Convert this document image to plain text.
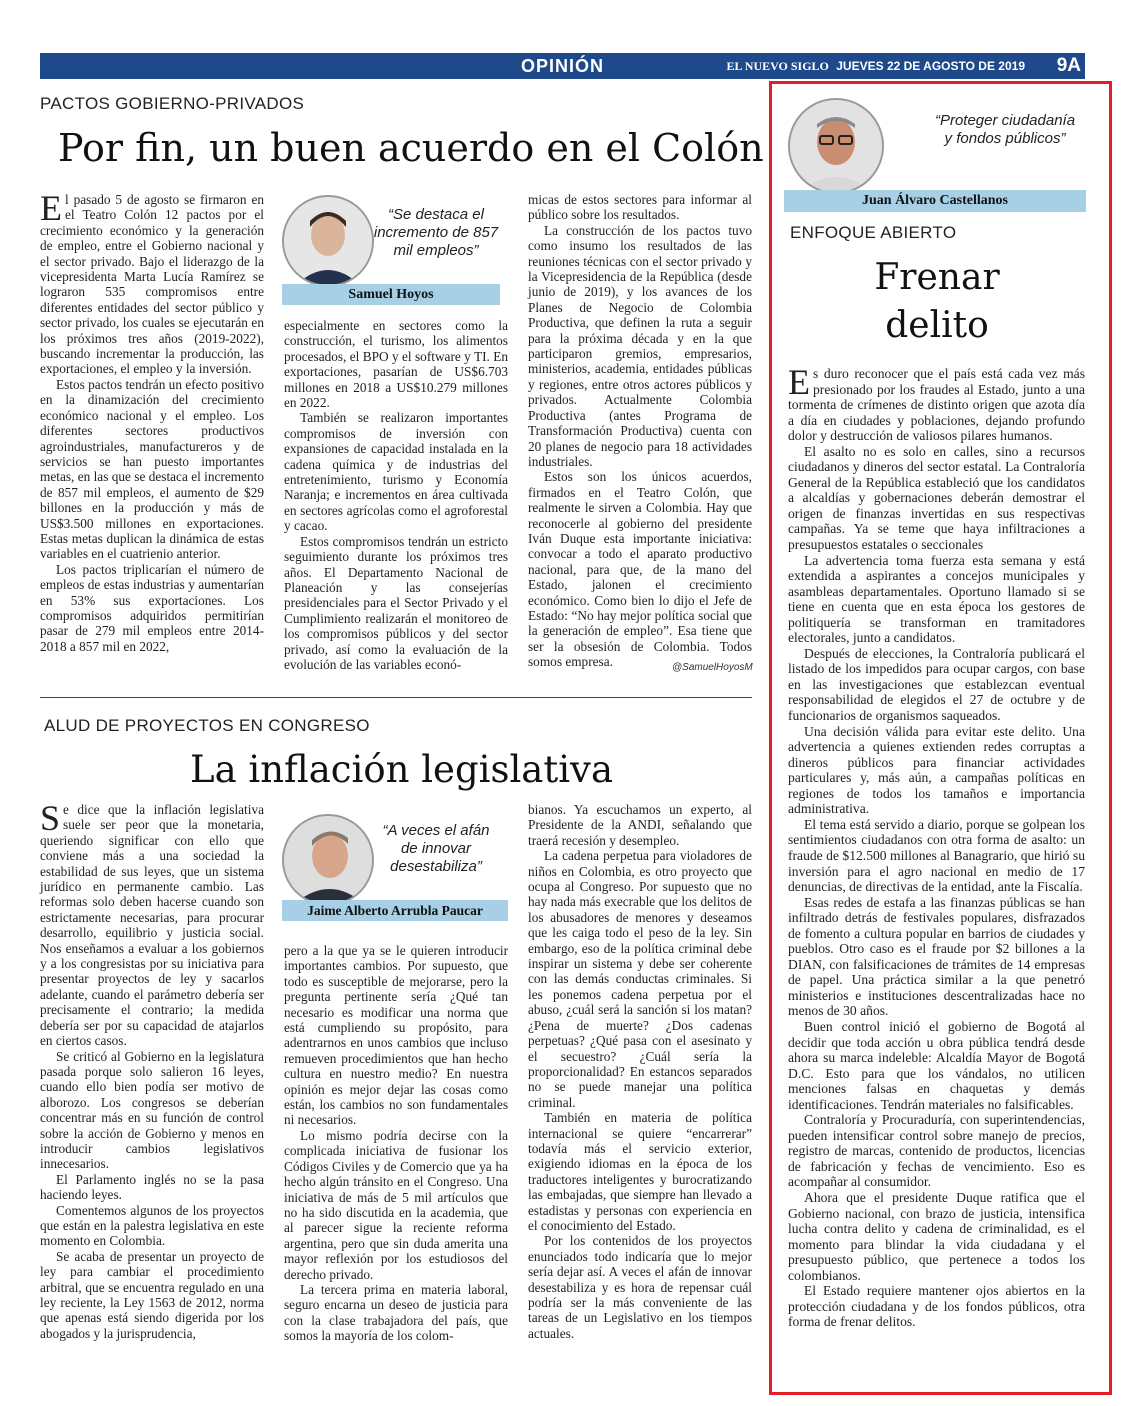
OPINIÓN	EL NUEVO SIGLO JUEVES 22 DE AGOSTO DE 2019 9A
PACTOS GOBIERNO-PRIVADOS
Por fin, un buen acuerdo en el Colón

El pasado 5 de agosto se firmaron en el Teatro Colón 12 pactos por el crecimiento económico y la generación de empleo, entre el Gobierno nacional y el sector privado. Bajo el liderazgo de la vicepresidenta Marta Lucía Ramírez se lograron 535 compromisos entre diferentes entidades del sector público y sector privado, los cuales se ejecutarán en los próximos tres años (2019-2022), buscando incrementar la producción, las exportaciones, el empleo y la inversión.

Estos pactos tendrán un efecto positivo en la dinamización del crecimiento económico nacional y el empleo. Los diferentes sectores productivos agroindustriales, manufactureros y de servicios se han puesto importantes metas, en las que se destaca el incremento de 857 mil empleos, el aumento de $29 billones en la producción y más de US$3.500 millones en exportaciones. Estas metas duplican la dinámica de estas variables en el cuatrienio anterior.

Los pactos triplicarían el número de empleos de estas industrias y aumentarían en 53% sus exportaciones. Los compromisos adquiridos permitirían pasar de 279 mil empleos entre 2014-2018 a 857 mil en 2022,

“Se destaca el incremento de 857 mil empleos”
Samuel Hoyos

especialmente en sectores como la construcción, el turismo, los alimentos procesados, el BPO y el software y TI. En exportaciones, pasarían de US$6.703 millones en 2018 a US$10.279 millones en 2022.

También se realizaron importantes compromisos de inversión con expansiones de capacidad instalada en la cadena química y de industrias del entretenimiento, turismo y Economía Naranja; e incrementos en área cultivada en sectores agrícolas como el agroforestal y cacao.

Estos compromisos tendrán un estricto seguimiento durante los próximos tres años. El Departamento Nacional de Planeación y las consejerías presidenciales para el Sector Privado y el Cumplimiento realizarán el monitoreo de los compromisos públicos y del sector privado, así como la evaluación de la evolución de las variables econó-

micas de estos sectores para informar al público sobre los resultados.

La construcción de los pactos tuvo como insumo los resultados de las reuniones técnicas con el sector privado y la Vicepresidencia de la República (desde junio de 2019), y los avances de los Planes de Negocio de Colombia Productiva, que definen la ruta a seguir para la próxima década y en la que participaron gremios, empresarios, ministerios, academia, entidades públicas y regiones, entre otros actores públicos y privados. Actualmente Colombia Productiva (antes Programa de Transformación Productiva) cuenta con 20 planes de negocio para 18 actividades industriales.

Estos son los únicos acuerdos, firmados en el Teatro Colón, que realmente le sirven a Colombia. Hay que reconocerle al gobierno del presidente Iván Duque esta importante iniciativa: convocar a todo el aparato productivo nacional, para que, de la mano del Estado, jalonen el crecimiento económico. Como bien lo dijo el Jefe de Estado: “No hay mejor política social que la generación de empleo”. Esa tiene que ser la obsesión de Colombia. Todos somos empresa.	@SamuelHoyosM
ALUD DE PROYECTOS EN CONGRESO
La inflación legislativa

Se dice que la inflación legislativa suele ser peor que la monetaria, queriendo significar con ello que conviene más a una sociedad la estabilidad de sus leyes, que un sistema jurídico en permanente cambio. Las reformas solo deben hacerse cuando son estrictamente necesarias, para procurar desarrollo, equilibrio y justicia social. Nos enseñamos a evaluar a los gobiernos y a los congresistas por su iniciativa para presentar proyectos de ley y sacarlos adelante, cuando el parámetro debería ser precisamente el contrario; la medida debería ser por su capacidad de atajarlos en ciertos casos.

Se criticó al Gobierno en la legislatura pasada porque solo salieron 16 leyes, cuando ello bien podía ser motivo de alborozo. Los congresos se deberían concentrar más en su función de control sobre la acción de Gobierno y menos en introducir cambios legislativos innecesarios.

El Parlamento inglés no se la pasa haciendo leyes.

Comentemos algunos de los proyectos que están en la palestra legislativa en este momento en Colombia.

Se acaba de presentar un proyecto de ley para cambiar el procedimiento arbitral, que se encuentra regulado en una ley reciente, la Ley 1563 de 2012, norma que apenas está siendo digerida por los abogados y la jurisprudencia,

“A veces el afán de innovar desestabiliza”
Jaime Alberto Arrubla Paucar

pero a la que ya se le quieren introducir importantes cambios. Por supuesto, que todo es susceptible de mejorarse, pero la pregunta pertinente sería ¿Qué tan necesario es modificar una norma que está cumpliendo su propósito, para adentrarnos en unos cambios que incluso remueven procedimientos que han hecho cultura en nuestro medio? En nuestra opinión es mejor dejar las cosas como están, los cambios no son fundamentales ni necesarios.

Lo mismo podría decirse con la complicada iniciativa de fusionar los Códigos Civiles y de Comercio que ya ha hecho algún tránsito en el Congreso. Una iniciativa de más de 5 mil artículos que no ha sido discutida en la academia, que al parecer sigue la reciente reforma argentina, pero que sin duda amerita una mayor reflexión por los estudiosos del derecho privado.

La tercera prima en materia laboral, seguro encarna un deseo de justicia para con la clase trabajadora del país, que somos la mayoría de los colom-

bianos. Ya escuchamos un experto, al Presidente de la ANDI, señalando que traerá recesión y desempleo.

La cadena perpetua para violadores de niños en Colombia, es otro proyecto que ocupa al Congreso. Por supuesto que no hay nada más execrable que los delitos de los abusadores de menores y deseamos que les caiga todo el peso de la ley. Sin embargo, eso de la política criminal debe inspirar un sistema y debe ser coherente con las demás conductas criminales. Si les ponemos cadena perpetua por el abuso, ¿cuál será la sanción si los matan? ¿Pena de muerte? ¿Dos cadenas perpetuas? ¿Qué pasa con el asesinato y el secuestro? ¿Cuál sería la proporcionalidad? En estancos separados no se puede manejar una política criminal.

También en materia de política internacional se quiere “encarrerar” todavía más el servicio exterior, exigiendo idiomas en la época de los traductores inteligentes y burocratizando las embajadas, que siempre han llevado a estadistas y personas con experiencia en el conocimiento del Estado.

Por los contenidos de los proyectos enunciados todo indicaría que lo mejor sería dejar así. A veces el afán de innovar desestabiliza y es hora de repensar cuál podría ser la más conveniente de las tareas de un Legislativo en los tiempos actuales.

“Proteger ciudadanía y fondos públicos”
Juan Álvaro Castellanos
ENFOQUE ABIERTO
Frenar
delito

Es duro reconocer que el país está cada vez más presionado por los fraudes al Estado, junto a una tormenta de crímenes de distinto origen que azota día a día en ciudades y poblaciones, dejando profundo dolor y destrucción de valiosos pilares humanos.

El asalto no es solo en calles, sino a recursos ciudadanos y dineros del sector estatal. La Contraloría General de la República estableció que los candidatos a alcaldías y gobernaciones deberán demostrar el origen de finanzas invertidas en sus respectivas campañas. Ya se teme que haya infiltraciones a presupuestos estatales o seccionales

La advertencia toma fuerza esta semana y está extendida a aspirantes a concejos municipales y asambleas departamentales. Oportuno llamado si se tiene en cuenta que en esta época los gestores de politiquería se transforman en tramitadores electorales, junto a candidatos.

Después de elecciones, la Contraloría publicará el listado de los impedidos para ocupar cargos, con base en las investigaciones que establezcan eventual responsabilidad de elegidos el 27 de octubre y de funcionarios de organismos saqueados.

Una decisión válida para evitar este delito. Una advertencia a quienes extienden redes corruptas a dineros públicos para financiar actividades particulares y, más aún, a campañas políticas en regiones de todos los tamaños e importancia administrativa.

El tema está servido a diario, porque se golpean los sentimientos ciudadanos con otra forma de asalto: un fraude de $12.500 millones al Banagrario, que hirió su inversión para el agro nacional en medio de 17 denuncias, de directivas de la entidad, ante la Fiscalía.

Esas redes de estafa a las finanzas públicas se han infiltrado detrás de festivales populares, disfrazados de fomento a cultura popular en barrios de ciudades y pueblos. Otro caso es el fraude por $2 billones a la DIAN, con falsificaciones de trámites de 14 empresas de papel. Una práctica similar a la que penetró ministerios e instituciones descentralizadas hace no menos de 30 años.

Buen control inició el gobierno de Bogotá al decidir que toda acción u obra pública tendrá desde ahora su marca indeleble: Alcaldía Mayor de Bogotá D.C. Esto para que los vándalos, no utilicen menciones falsas en chaquetas y demás identificaciones. Tendrán materiales no falsificables.

Contraloría y Procuraduría, con superintendencias, pueden intensificar control sobre manejo de precios, registro de marcas, contenido de productos, licencias de fabricación y fechas de vencimiento. Eso es acompañar al consumidor.

Ahora que el presidente Duque ratifica que el Gobierno nacional, con brazo de justicia, intensifica lucha contra delito y cadena de criminalidad, es el momento para blindar la vida ciudadana y el presupuesto público, que pertenece a todos los colombianos.

El Estado requiere mantener ojos abiertos en la protección ciudadana y de los fondos públicos, otra forma de frenar delitos.
